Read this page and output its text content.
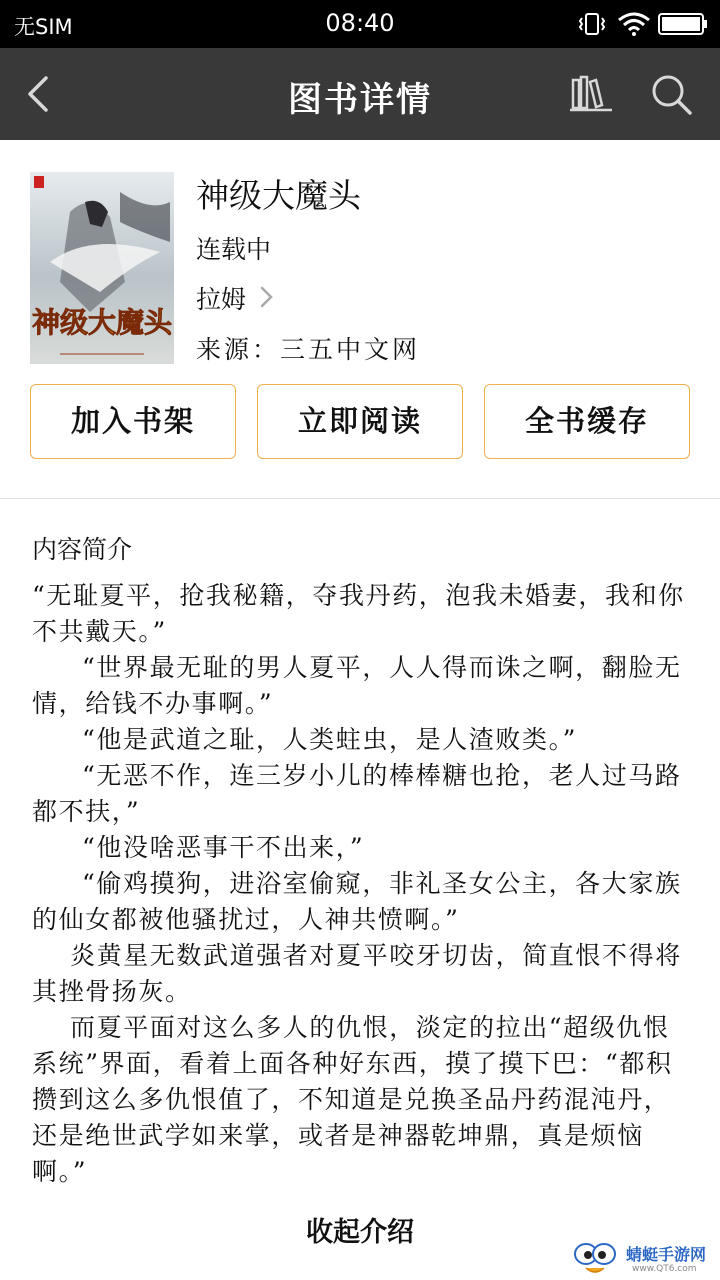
无SIM	08:40
图书详情
神级大魔头
神级大魔头
连载中
拉姆
来源：三五中文网
加入书架	立即阅读	全书缓存
内容简介

“无耻夏平，抢我秘籍，夺我丹药，泡我未婚妻，我和你不共戴天。”

“世界最无耻的男人夏平，人人得而诛之啊，翻脸无情，给钱不办事啊。”

“他是武道之耻，人类蛀虫，是人渣败类。”

“无恶不作，连三岁小儿的棒棒糖也抢，老人过马路都不扶，”

“他没啥恶事干不出来，”

“偷鸡摸狗，进浴室偷窥，非礼圣女公主，各大家族的仙女都被他骚扰过，人神共愤啊。”

炎黄星无数武道强者对夏平咬牙切齿，简直恨不得将其挫骨扬灰。

而夏平面对这么多人的仇恨，淡定的拉出“超级仇恨系统”界面，看着上面各种好东西，摸了摸下巴：“都积攒到这么多仇恨值了，不知道是兑换圣品丹药混沌丹，还是绝世武学如来掌，或者是神器乾坤鼎，真是烦恼啊。”

收起介绍
蜻蜓手游网
www.QT6.com
